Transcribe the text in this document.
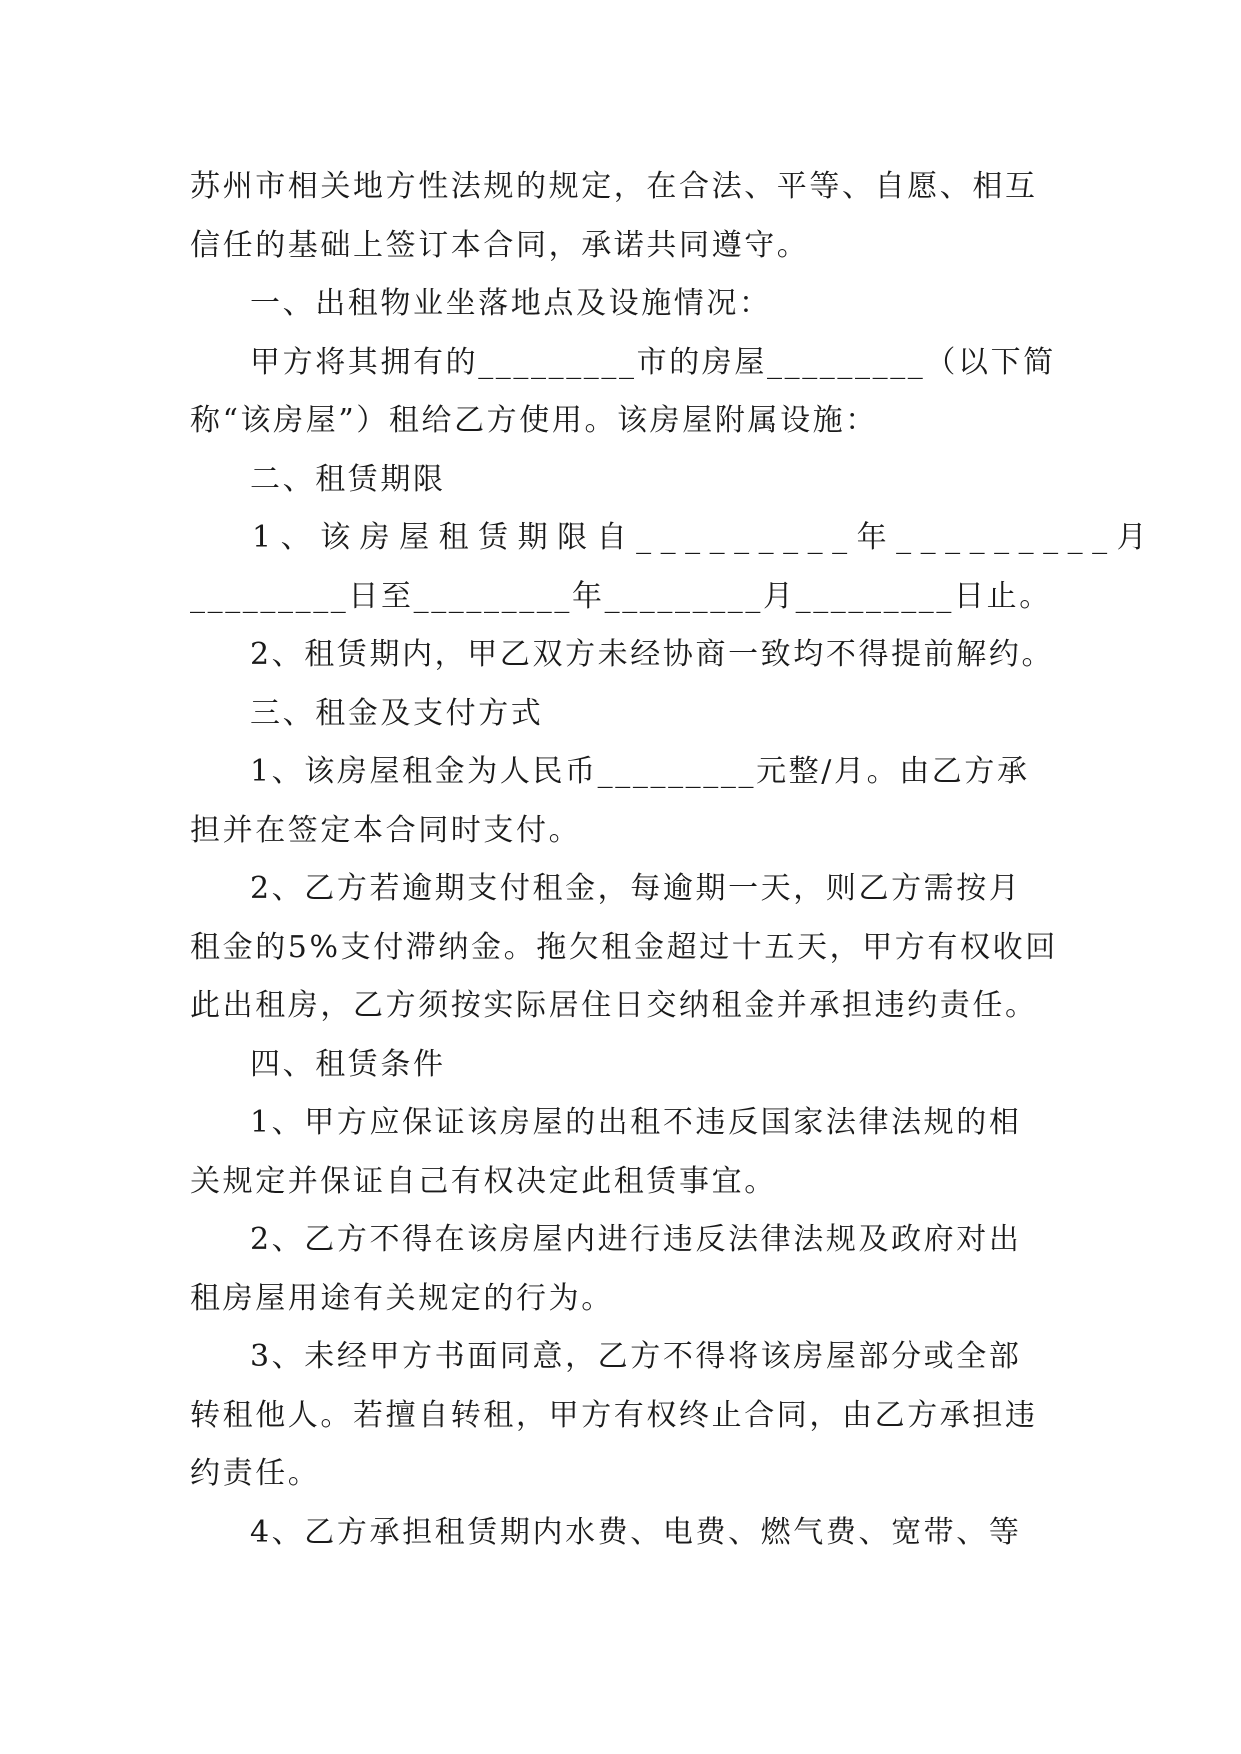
苏州市相关地方性法规的规定，在合法、平等、自愿、相互
信任的基础上签订本合同，承诺共同遵守。
一、出租物业坐落地点及设施情况：
甲方将其拥有的_________市的房屋_________（以下简
称“该房屋”）租给乙方使用。该房屋附属设施：
二、租赁期限
1、该房屋租赁期限自_________年_________月
_________日至_________年_________月_________日止。
2、租赁期内，甲乙双方未经协商一致均不得提前解约。
三、租金及支付方式
1、该房屋租金为人民币_________元整/月。由乙方承
担并在签定本合同时支付。
2、乙方若逾期支付租金，每逾期一天，则乙方需按月
租金的5%支付滞纳金。拖欠租金超过十五天，甲方有权收回
此出租房，乙方须按实际居住日交纳租金并承担违约责任。
四、租赁条件
1、甲方应保证该房屋的出租不违反国家法律法规的相
关规定并保证自己有权决定此租赁事宜。
2、乙方不得在该房屋内进行违反法律法规及政府对出
租房屋用途有关规定的行为。
3、未经甲方书面同意，乙方不得将该房屋部分或全部
转租他人。若擅自转租，甲方有权终止合同，由乙方承担违
约责任。
4、乙方承担租赁期内水费、电费、燃气费、宽带、等
